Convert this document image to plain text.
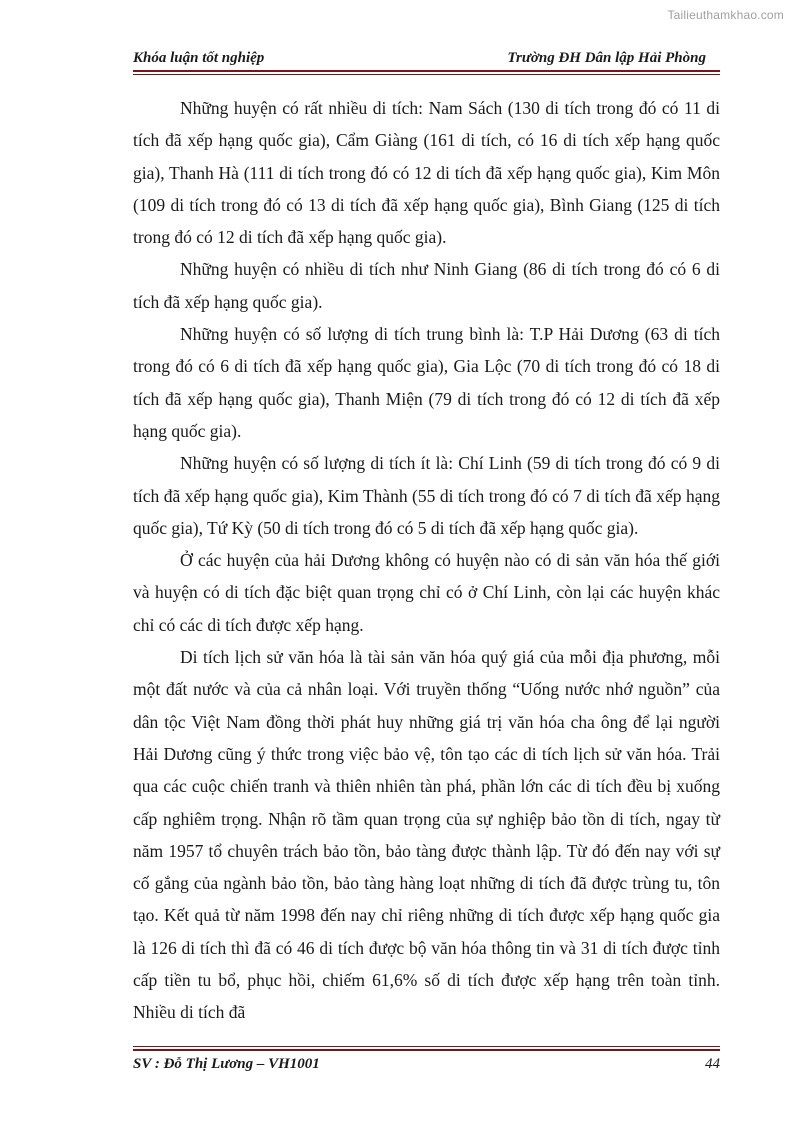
Tailieuthamkhao.com
Khóa luận tốt nghiệp	Trường ĐH Dân lập Hải Phòng

Những huyện có rất nhiều di tích: Nam Sách (130 di tích trong đó có 11 di tích đã xếp hạng quốc gia), Cẩm Giàng (161 di tích, có 16 di tích xếp hạng quốc gia), Thanh Hà (111 di tích trong đó có 12 di tích đã xếp hạng quốc gia), Kim Môn (109 di tích trong đó có 13 di tích đã xếp hạng quốc gia), Bình Giang (125 di tích trong đó có 12 di tích đã xếp hạng quốc gia).

Những huyện có nhiều di tích như Ninh Giang (86 di tích trong đó có 6 di tích đã xếp hạng quốc gia).

Những huyện có số lượng di tích trung bình là: T.P Hải Dương (63 di tích trong đó có 6 di tích đã xếp hạng quốc gia), Gia Lộc (70 di tích trong đó có 18 di tích đã xếp hạng quốc gia), Thanh Miện (79 di tích trong đó có 12 di tích đã xếp hạng quốc gia).

Những huyện có số lượng di tích ít là: Chí Linh (59 di tích trong đó có 9 di tích đã xếp hạng quốc gia), Kim Thành (55 di tích trong đó có 7 di tích đã xếp hạng quốc gia), Tứ Kỳ (50 di tích trong đó có 5 di tích đã xếp hạng quốc gia).

Ở các huyện của hải Dương không có huyện nào có di sản văn hóa thế giới và huyện có di tích đặc biệt quan trọng chỉ có ở Chí Linh, còn lại các huyện khác chỉ có các di tích được xếp hạng.

Di tích lịch sử văn hóa là tài sản văn hóa quý giá của mỗi địa phương, mỗi một đất nước và của cả nhân loại. Với truyền thống “Uống nước nhớ nguồn” của dân tộc Việt Nam đồng thời phát huy những giá trị văn hóa cha ông để lại người Hải Dương cũng ý thức trong việc bảo vệ, tôn tạo các di tích lịch sử văn hóa. Trải qua các cuộc chiến tranh và thiên nhiên tàn phá, phần lớn các di tích đều bị xuống cấp nghiêm trọng. Nhận rõ tầm quan trọng của sự nghiệp bảo tồn di tích, ngay từ năm 1957 tổ chuyên trách bảo tồn, bảo tàng được thành lập. Từ đó đến nay với sự cố gắng của ngành bảo tồn, bảo tàng hàng loạt những di tích đã được trùng tu, tôn tạo. Kết quả từ năm 1998 đến nay chỉ riêng những di tích được xếp hạng quốc gia là 126 di tích thì đã có 46 di tích được bộ văn hóa thông tin và 31 di tích được tỉnh cấp tiền tu bổ, phục hồi, chiếm 61,6% số di tích được xếp hạng trên toàn tỉnh. Nhiều di tích đã

SV : Đỗ Thị Lương – VH1001	44
